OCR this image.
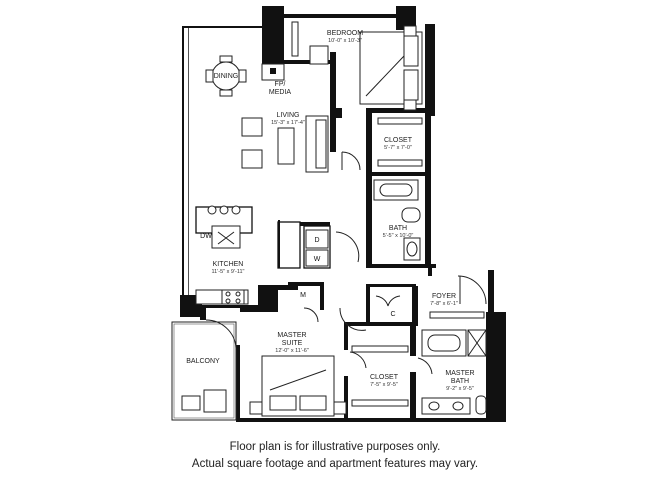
BEDROOM
10'-0" x 10'-3"
DINING
FP/
MEDIA
LIVING
15'-3" x 17'-4"
CLOSET
5'-7" x 7'-0"
BATH
5'-5" x 10'-0"
DW
D
W
KITCHEN
11'-5" x 9'-11"
M
C
FOYER
7'-8" x 6'-1"
MASTER
SUITE
12'-0" x 11'-6"
BALCONY
CLOSET
7'-5" x 9'-5"
MASTER
BATH
9'-2" x 9'-5"
Floor plan is for illustrative purposes only.
Actual square footage and apartment features may vary.
